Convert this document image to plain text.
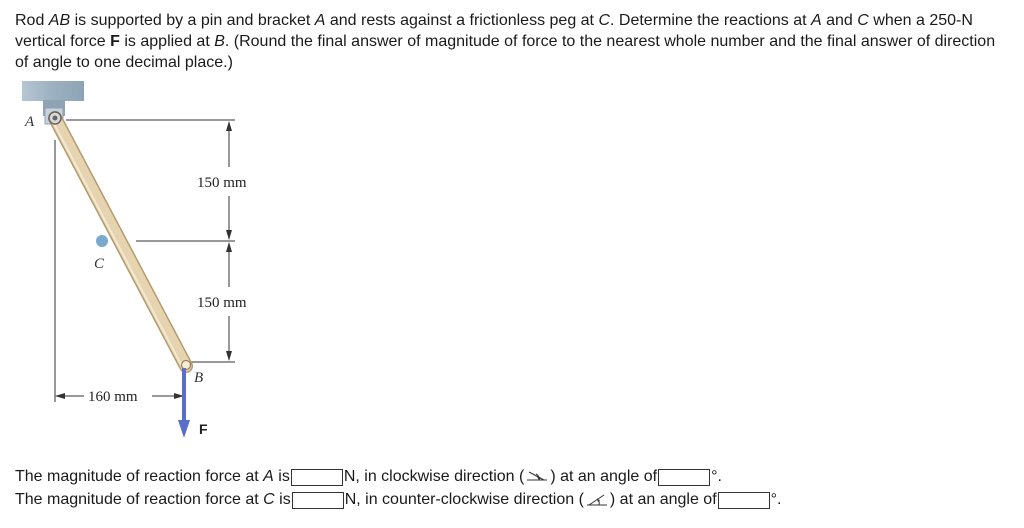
Rod AB is supported by a pin and bracket A and rests against a frictionless peg at C. Determine the reactions at A and C when a 250-N vertical force F is applied at B. (Round the final answer of magnitude of force to the nearest whole number and the final answer of direction of angle to one decimal place.)
A
B
C
F
150 mm
150 mm
160 mm
The magnitude of reaction force at A is	N, in clockwise direction ( ) at an angle of	°.
The magnitude of reaction force at C is	N, in counter-clockwise direction ( ) at an angle of	°.
